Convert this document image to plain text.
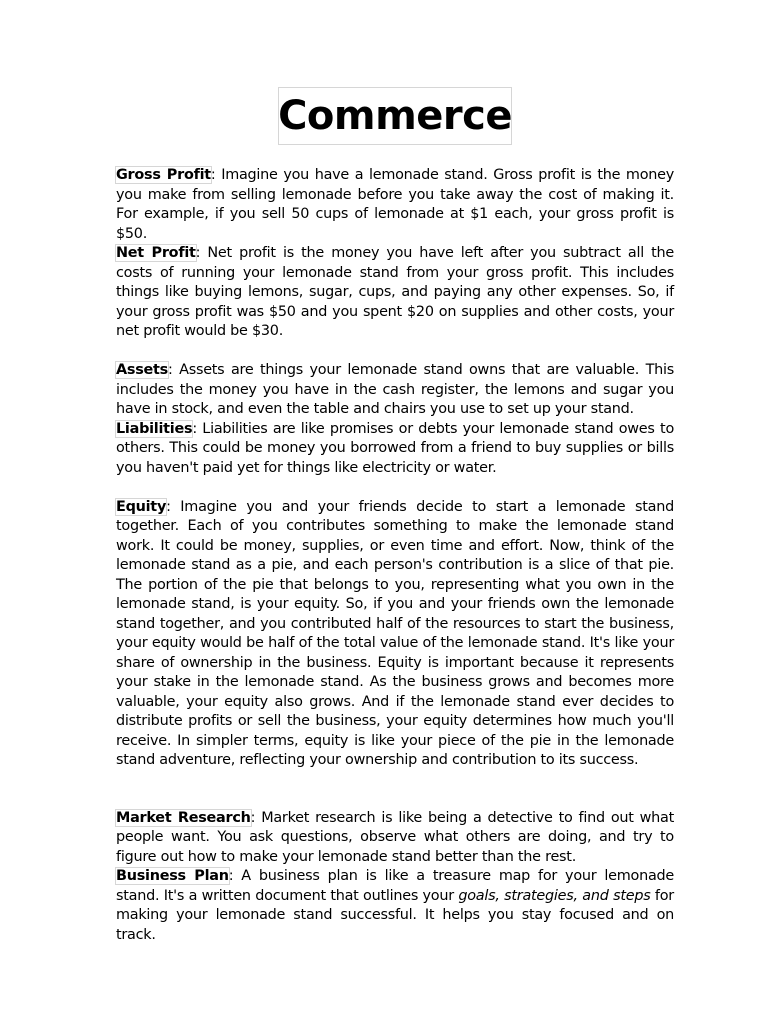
Commerce

Gross Profit: Imagine you have a lemonade stand. Gross profit is the money you make from selling lemonade before you take away the cost of making it. For example, if you sell 50 cups of lemonade at $1 each, your gross profit is $50.

Net Profit: Net profit is the money you have left after you subtract all the costs of running your lemonade stand from your gross profit. This includes things like buying lemons, sugar, cups, and paying any other expenses. So, if your gross profit was $50 and you spent $20 on supplies and other costs, your net profit would be $30.

Assets: Assets are things your lemonade stand owns that are valuable. This includes the money you have in the cash register, the lemons and sugar you have in stock, and even the table and chairs you use to set up your stand.

Liabilities: Liabilities are like promises or debts your lemonade stand owes to others. This could be money you borrowed from a friend to buy supplies or bills you haven't paid yet for things like electricity or water.

Equity: Imagine you and your friends decide to start a lemonade stand together. Each of you contributes something to make the lemonade stand work. It could be money, supplies, or even time and effort. Now, think of the lemonade stand as a pie, and each person's contribution is a slice of that pie. The portion of the pie that belongs to you, representing what you own in the lemonade stand, is your equity. So, if you and your friends own the lemonade stand together, and you contributed half of the resources to start the business, your equity would be half of the total value of the lemonade stand. It's like your share of ownership in the business. Equity is important because it represents your stake in the lemonade stand. As the business grows and becomes more valuable, your equity also grows. And if the lemonade stand ever decides to distribute profits or sell the business, your equity determines how much you'll receive. In simpler terms, equity is like your piece of the pie in the lemonade stand adventure, reflecting your ownership and contribution to its success.

Market Research: Market research is like being a detective to find out what people want. You ask questions, observe what others are doing, and try to figure out how to make your lemonade stand better than the rest.

Business Plan: A business plan is like a treasure map for your lemonade stand. It's a written document that outlines your goals, strategies, and steps for making your lemonade stand successful. It helps you stay focused and on track.
